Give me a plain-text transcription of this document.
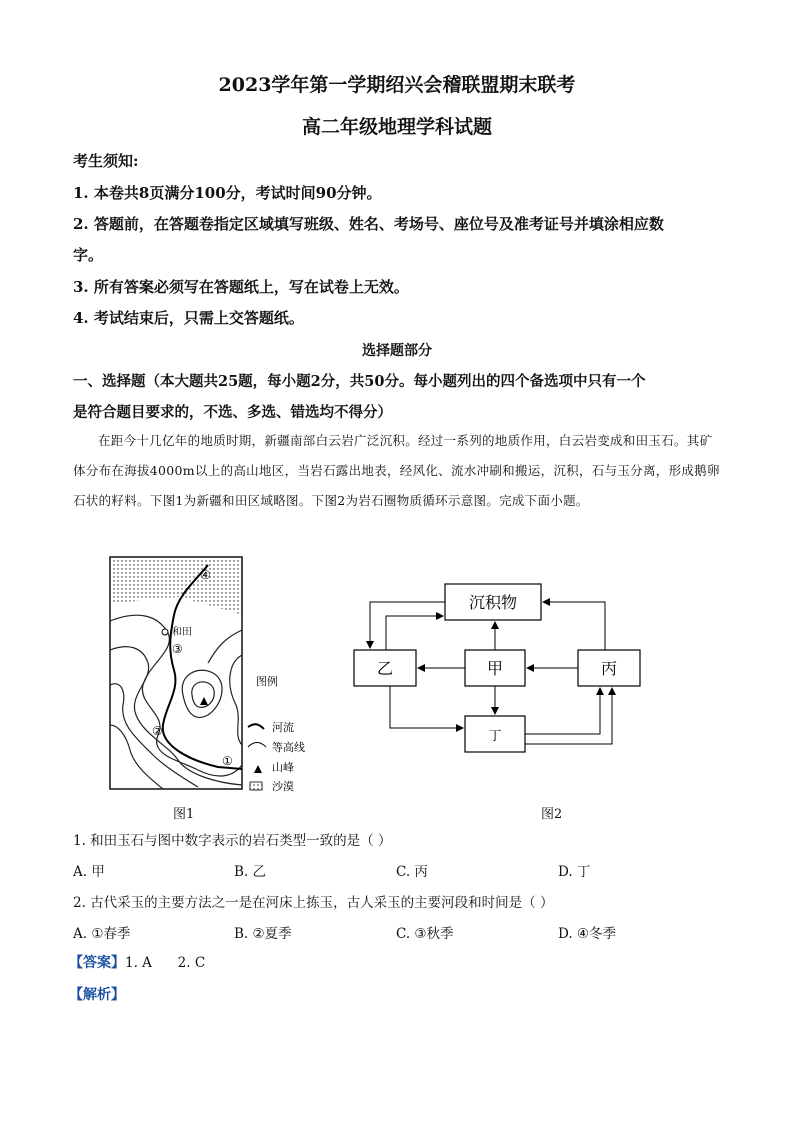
2023学年第一学期绍兴会稽联盟期末联考
高二年级地理学科试题
考生须知:
1. 本卷共8页满分100分，考试时间90分钟。
2. 答题前，在答题卷指定区域填写班级、姓名、考场号、座位号及准考证号并填涂相应数
字。
3. 所有答案必须写在答题纸上，写在试卷上无效。
4. 考试结束后，只需上交答题纸。
选择题部分
一、选择题（本大题共25题，每小题2分，共50分。每小题列出的四个备选项中只有一个
是符合题目要求的，不选、多选、错选均不得分）
在距今十几亿年的地质时期，新疆南部白云岩广泛沉积。经过一系列的地质作用，白云岩变成和田玉石。其矿体分布在海拔4000m以上的高山地区，当岩石露出地表，经风化、流水冲刷和搬运，沉积，石与玉分离，形成鹅卵石状的籽料。下图1为新疆和田区域略图。下图2为岩石圈物质循环示意图。完成下面小题。
和田
④
③
②
①
图例
河流
等高线
山峰
沙漠
图1
沉积物
乙	甲	丙
丁
图2
1. 和田玉石与图中数字表示的岩石类型一致的是（ ）
A. 甲	B. 乙	C. 丙	D. 丁
2. 古代采玉的主要方法之一是在河床上拣玉，古人采玉的主要河段和时间是（ ）
A. ①春季	B. ②夏季	C. ③秋季	D. ④冬季
【答案】1. A      2. C
【解析】
